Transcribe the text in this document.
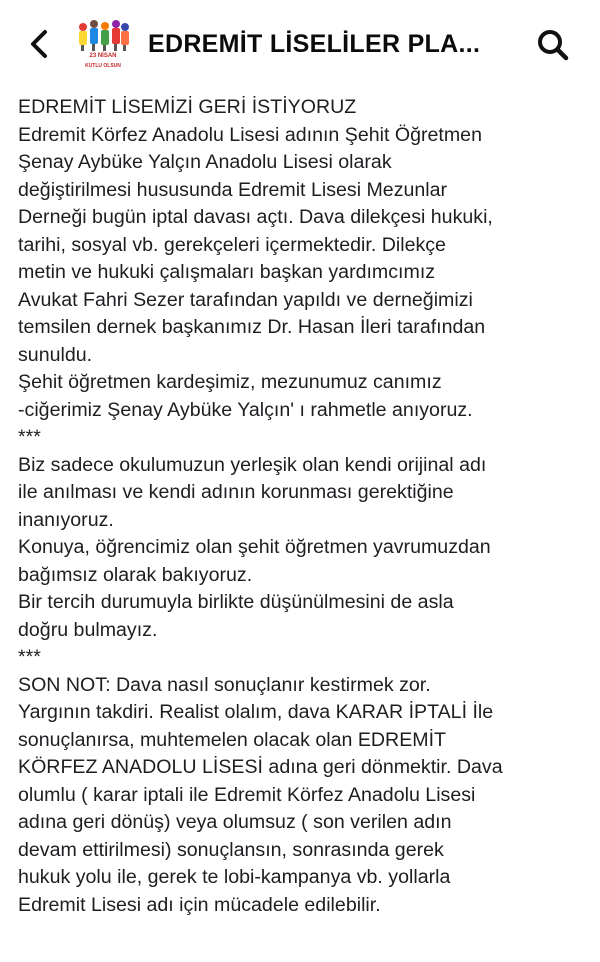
23 NİSAN
KUTLU OLSUN
EDREMİT LİSELİLER PLA...
EDREMİT LİSEMİZİ GERİ İSTİYORUZ
Edremit Körfez Anadolu Lisesi adının Şehit Öğretmen
Şenay Aybüke Yalçın Anadolu Lisesi olarak
değiştirilmesi hususunda Edremit Lisesi Mezunlar
Derneği bugün iptal davası açtı. Dava dilekçesi hukuki,
tarihi, sosyal vb. gerekçeleri içermektedir. Dilekçe
metin ve hukuki çalışmaları başkan yardımcımız
Avukat Fahri Sezer tarafından yapıldı ve derneğimizi
temsilen dernek başkanımız Dr. Hasan İleri tarafından
sunuldu.
Şehit öğretmen kardeşimiz, mezunumuz canımız
-ciğerimiz Şenay Aybüke Yalçın' ı rahmetle anıyoruz.
***
Biz sadece okulumuzun yerleşik olan kendi orijinal adı
ile anılması ve kendi adının korunması gerektiğine
inanıyoruz.
Konuya, öğrencimiz olan şehit öğretmen yavrumuzdan
bağımsız olarak bakıyoruz.
Bir tercih durumuyla birlikte düşünülmesini de asla
doğru bulmayız.
***
SON NOT: Dava nasıl sonuçlanır kestirmek zor.
Yargının takdiri. Realist olalım, dava KARAR İPTALİ İle
sonuçlanırsa, muhtemelen olacak olan EDREMİT
KÖRFEZ ANADOLU LİSESİ adına geri dönmektir. Dava
olumlu ( karar iptali ile Edremit Körfez Anadolu Lisesi
adına geri dönüş) veya olumsuz ( son verilen adın
devam ettirilmesi) sonuçlansın, sonrasında gerek
hukuk yolu ile, gerek te lobi-kampanya vb. yollarla
Edremit Lisesi adı için mücadele edilebilir.
